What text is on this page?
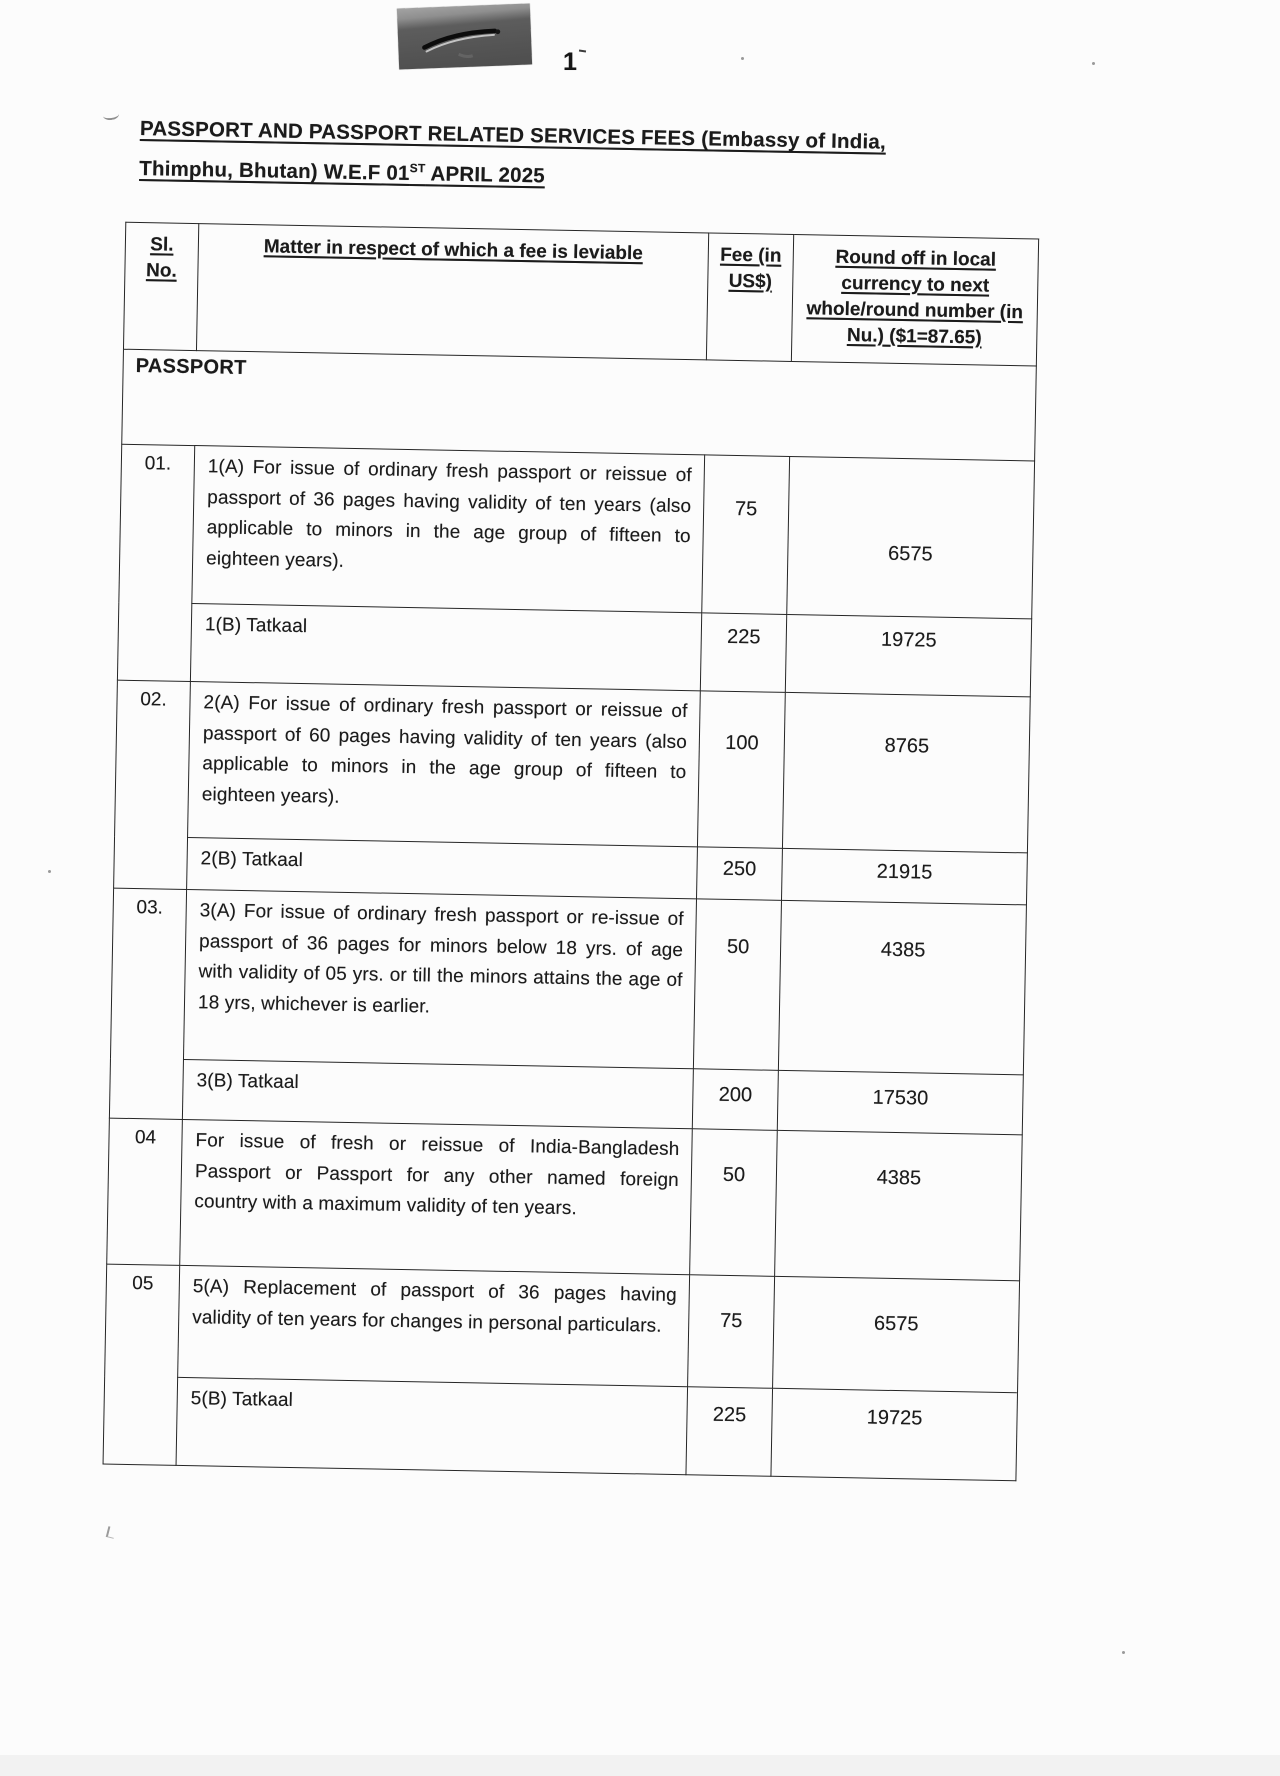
1
PASSPORT AND PASSPORT RELATED SERVICES FEES (Embassy of India,
Thimphu, Bhutan) W.E.F 01ST APRIL 2025
Sl.
No.	Matter in respect of which a fee is leviable	Fee (in US$)	Round off in local currency to next whole/round number (in Nu.) ($1=87.65)
PASSPORT			
01.	1(A) For issue of ordinary fresh passport or reissue of passport of 36 pages having validity of ten years (also applicable to minors in the age group of fifteen to eighteen years).	75	6575
	1(B) Tatkaal	225	19725
02.	2(A) For issue of ordinary fresh passport or reissue of passport of 60 pages having validity of ten years (also applicable to minors in the age group of fifteen to eighteen years).	100	8765
	2(B) Tatkaal	250	21915
03.	3(A) For issue of ordinary fresh passport or re-issue of passport of 36 pages for minors below 18 yrs. of age with validity of 05 yrs. or till the minors attains the age of 18 yrs, whichever is earlier.	50	4385
	3(B) Tatkaal	200	17530
04	For issue of fresh or reissue of India-Bangladesh Passport or Passport for any other named foreign country with a maximum validity of ten years.	50	4385
05	5(A) Replacement of passport of 36 pages having validity of ten years for changes in personal particulars.	75	6575
	5(B) Tatkaal	225	19725
